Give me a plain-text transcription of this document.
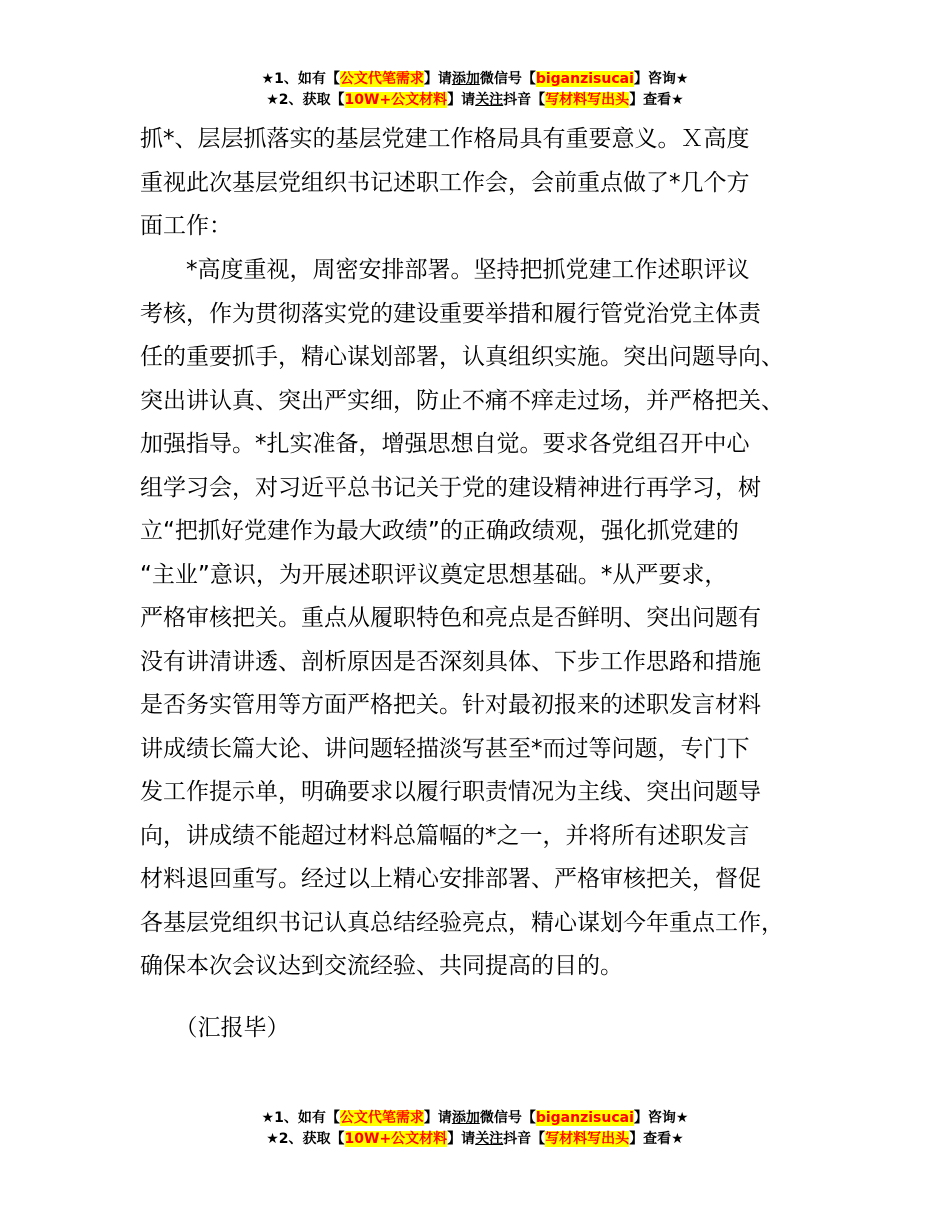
★1、如有【公文代笔需求】请添加微信号【biganzisucai】咨询★
★2、获取【10W+公文材料】请关注抖音【写材料写出头】查看★
抓*、层层抓落实的基层党建工作格局具有重要意义。Ｘ高度
重视此次基层党组织书记述职工作会，会前重点做了*几个方
面工作：
　　*高度重视，周密安排部署。坚持把抓党建工作述职评议
考核，作为贯彻落实党的建设重要举措和履行管党治党主体责
任的重要抓手，精心谋划部署，认真组织实施。突出问题导向、
突出讲认真、突出严实细，防止不痛不痒走过场，并严格把关、
加强指导。*扎实准备，增强思想自觉。要求各党组召开中心
组学习会，对习近平总书记关于党的建设精神进行再学习，树
立“把抓好党建作为最大政绩”的正确政绩观，强化抓党建的
“主业”意识，为开展述职评议奠定思想基础。*从严要求，
严格审核把关。重点从履职特色和亮点是否鲜明、突出问题有
没有讲清讲透、剖析原因是否深刻具体、下步工作思路和措施
是否务实管用等方面严格把关。针对最初报来的述职发言材料
讲成绩长篇大论、讲问题轻描淡写甚至*而过等问题，专门下
发工作提示单，明确要求以履行职责情况为主线、突出问题导
向，讲成绩不能超过材料总篇幅的*之一，并将所有述职发言
材料退回重写。经过以上精心安排部署、严格审核把关，督促
各基层党组织书记认真总结经验亮点，精心谋划今年重点工作，
确保本次会议达到交流经验、共同提高的目的。
　　（汇报毕）
★1、如有【公文代笔需求】请添加微信号【biganzisucai】咨询★
★2、获取【10W+公文材料】请关注抖音【写材料写出头】查看★
